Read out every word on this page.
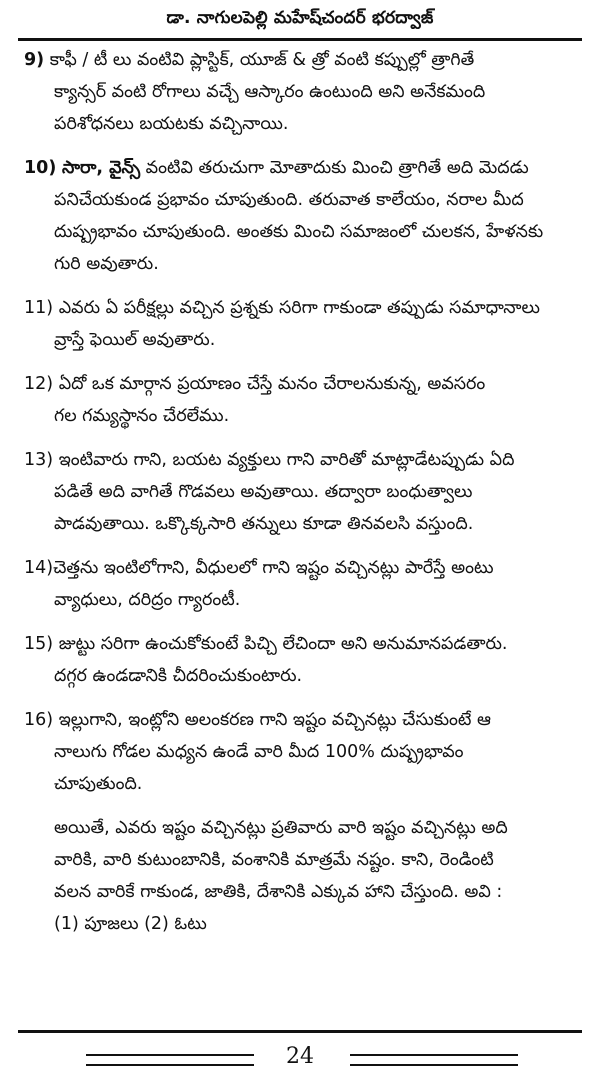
డా. నాగులపెల్లి మహేష్‌చందర్ భరద్వాజ్
9) కాఫీ / టీ లు వంటివి ప్లాస్టిక్, యూజ్ & త్రో వంటి కప్పుల్లో త్రాగితే
క్యాన్సర్ వంటి రోగాలు వచ్చే ఆస్కారం ఉంటుంది అని అనేకమంది
పరిశోధనలు బయటకు వచ్చినాయి.
10) సారా, వైన్స్ వంటివి తరుచుగా మోతాదుకు మించి త్రాగితే అది మెదడు
పనిచేయకుండ ప్రభావం చూపుతుంది. తరువాత కాలేయం, నరాల మీద
దుష్ప్రభావం చూపుతుంది. అంతకు మించి సమాజంలో చులకన, హేళనకు
గురి అవుతారు.
11) ఎవరు ఏ పరీక్షల్లు వచ్చిన ప్రశ్నకు సరిగా గాకుండా తప్పుడు సమాధానాలు
వ్రాస్తే ఫెయిల్ అవుతారు.
12) ఏదో ఒక మార్గాన ప్రయాణం చేస్తే మనం చేరాలనుకున్న, అవసరం
గల గమ్యస్థానం చేరలేము.
13) ఇంటివారు గాని, బయట వ్యక్తులు గాని వారితో మాట్లాడేటప్పుడు ఏది
పడితే అది వాగితే గొడవలు అవుతాయి. తద్వారా బంధుత్వాలు
పాడవుతాయి. ఒక్కొక్కసారి తన్నులు కూడా తినవలసి వస్తుంది.
14)చెత్తను ఇంటిలోగాని, వీధులలో గాని ఇష్టం వచ్చినట్లు పారేస్తే అంటు
వ్యాధులు, దరిద్రం గ్యారంటీ.
15) జుట్టు సరిగా ఉంచుకోకుంటే పిచ్చి లేచిందా అని అనుమానపడతారు.
దగ్గర ఉండడానికి చీదరించుకుంటారు.
16) ఇల్లుగాని, ఇంట్లోని అలంకరణ గాని ఇష్టం వచ్చినట్లు చేసుకుంటే ఆ
నాలుగు గోడల మధ్యన ఉండే వారి మీద 100% దుష్ప్రభావం
చూపుతుంది.
అయితే, ఎవరు ఇష్టం వచ్చినట్లు ప్రతివారు వారి ఇష్టం వచ్చినట్లు అది
వారికి, వారి కుటుంబానికి, వంశానికి మాత్రమే నష్టం. కాని, రెండింటి
వలన వారికే గాకుండ, జాతికి, దేశానికి ఎక్కువ హాని చేస్తుంది. అవి :
(1) పూజలు (2) ఓటు
24
